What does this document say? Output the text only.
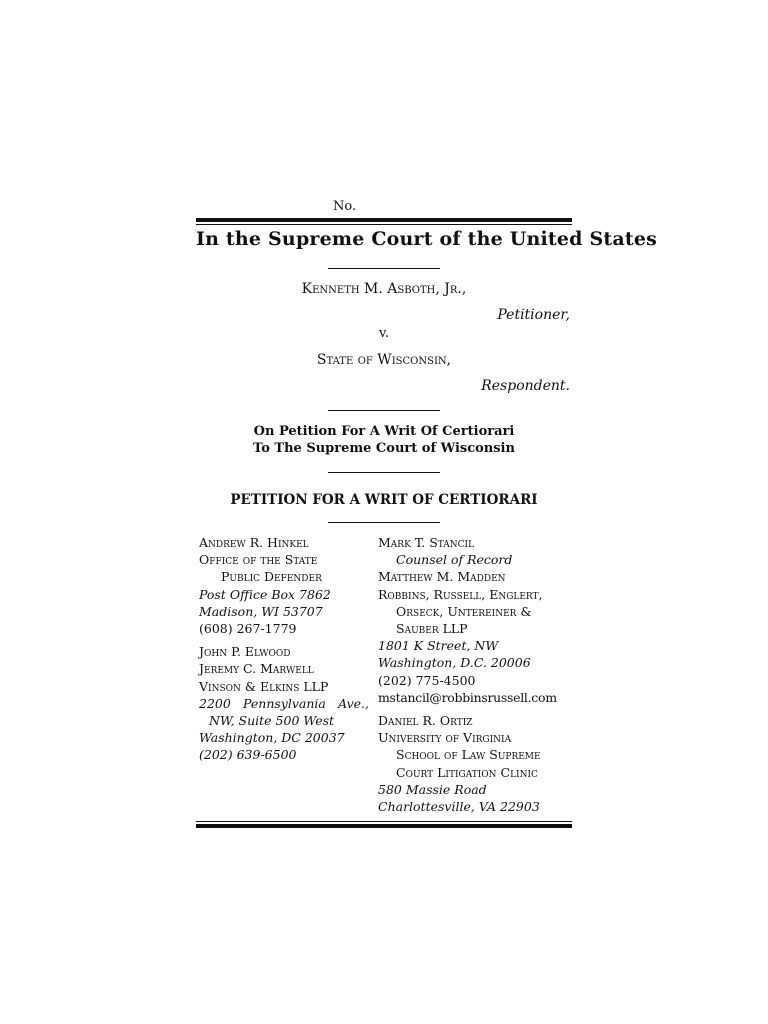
No.
In the Supreme Court of the United States
Kenneth M. Asboth, Jr.,
Petitioner,
v.
State of Wisconsin,
Respondent.
On Petition For A Writ Of Certiorari
To The Supreme Court of Wisconsin
PETITION FOR A WRIT OF CERTIORARI
Andrew R. Hinkel
Office of the State
Public Defender
Post Office Box 7862
Madison, WI 53707
(608) 267-1779
John P. Elwood
Jeremy C. Marwell
Vinson & Elkins LLP
2200 Pennsylvania Ave.,
NW, Suite 500 West
Washington, DC 20037
(202) 639-6500
Mark T. Stancil
Counsel of Record
Matthew M. Madden
Robbins, Russell, Englert,
Orseck, Untereiner &
Sauber LLP
1801 K Street, NW
Washington, D.C. 20006
(202) 775-4500
mstancil@robbinsrussell.com
Daniel R. Ortiz
University of Virginia
School of Law Supreme
Court Litigation Clinic
580 Massie Road
Charlottesville, VA 22903
